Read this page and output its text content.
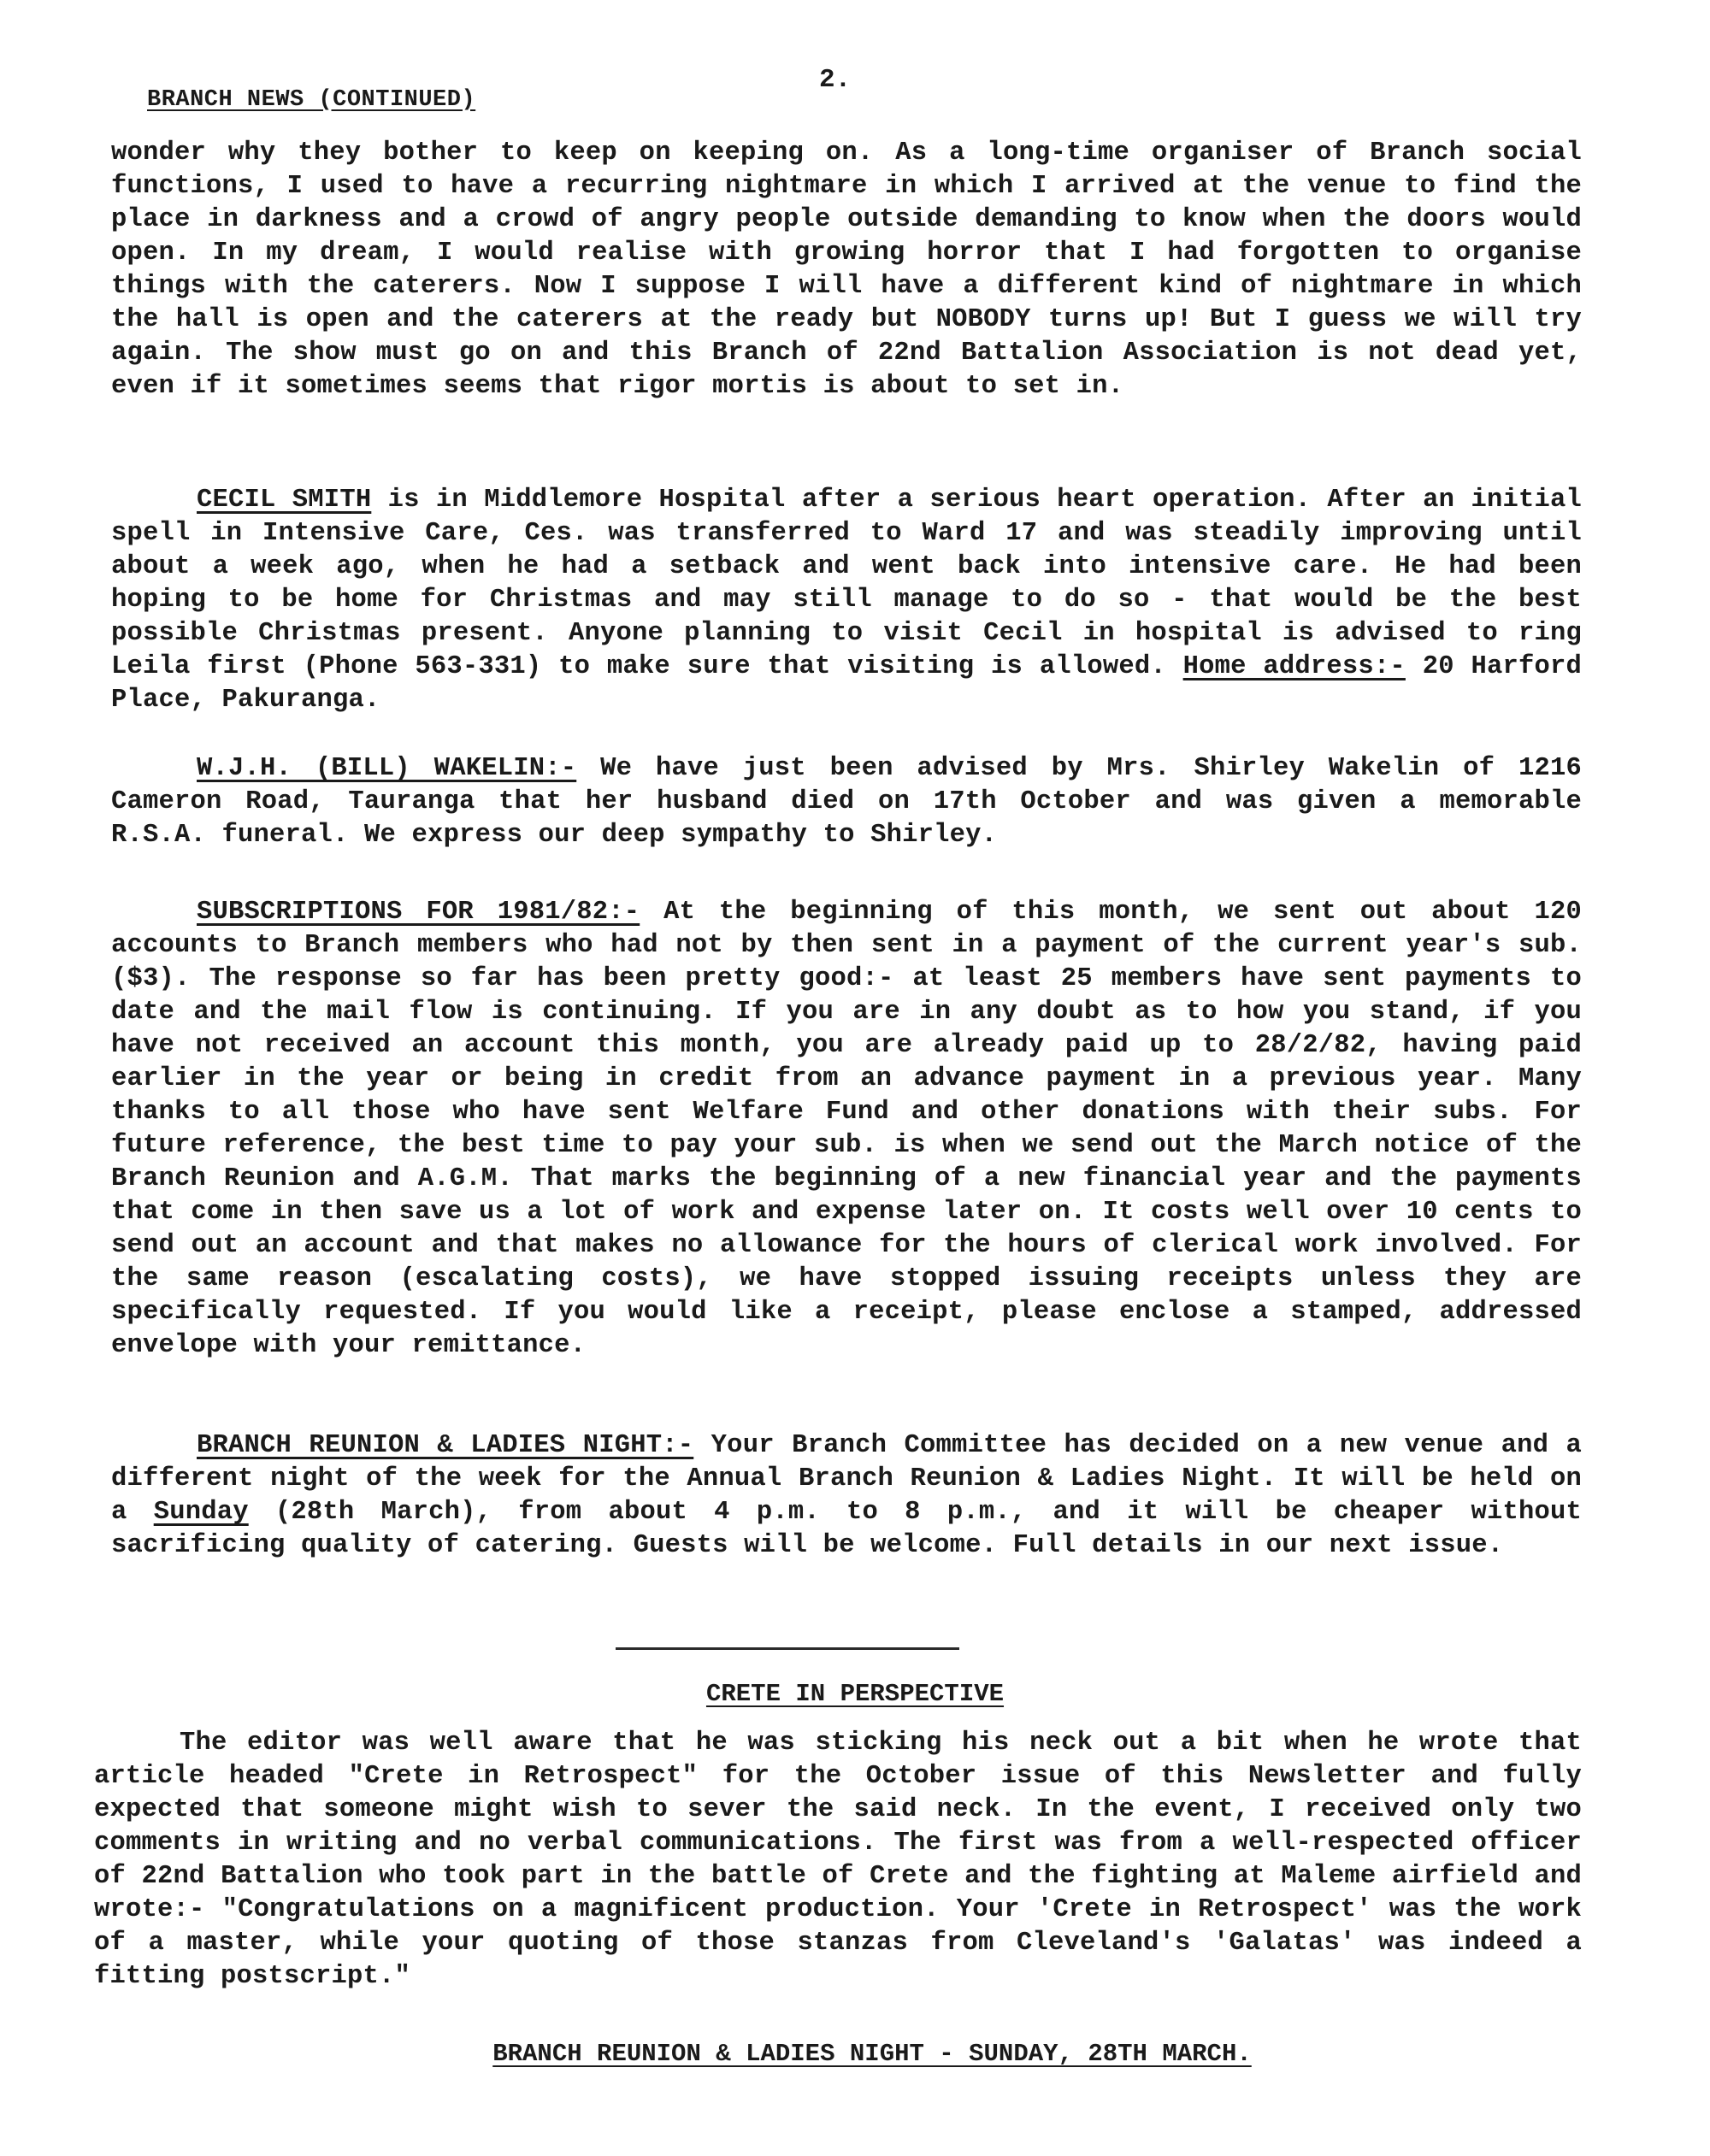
2.
BRANCH NEWS (CONTINUED)

wonder why they bother to keep on keeping on. As a long-time organiser of Branch social functions, I used to have a recurring nightmare in which I arrived at the venue to find the place in darkness and a crowd of angry people outside demanding to know when the doors would open. In my dream, I would realise with growing horror that I had forgotten to organise things with the caterers. Now I suppose I will have a different kind of nightmare in which the hall is open and the caterers at the ready but NOBODY turns up! But I guess we will try again. The show must go on and this Branch of 22nd Battalion Association is not dead yet, even if it sometimes seems that rigor mortis is about to set in.

CECIL SMITH is in Middlemore Hospital after a serious heart operation. After an initial spell in Intensive Care, Ces. was transferred to Ward 17 and was steadily improving until about a week ago, when he had a setback and went back into intensive care. He had been hoping to be home for Christmas and may still manage to do so - that would be the best possible Christmas present. Anyone planning to visit Cecil in hospital is advised to ring Leila first (Phone 563-331) to make sure that visiting is allowed. Home address:- 20 Harford Place, Pakuranga.

W.J.H. (BILL) WAKELIN:- We have just been advised by Mrs. Shirley Wakelin of 1216 Cameron Road, Tauranga that her husband died on 17th October and was given a memorable R.S.A. funeral. We express our deep sympathy to Shirley.

SUBSCRIPTIONS FOR 1981/82:- At the beginning of this month, we sent out about 120 accounts to Branch members who had not by then sent in a payment of the current year's sub. ($3). The response so far has been pretty good:- at least 25 members have sent payments to date and the mail flow is continuing. If you are in any doubt as to how you stand, if you have not received an account this month, you are already paid up to 28/2/82, having paid earlier in the year or being in credit from an advance payment in a previous year. Many thanks to all those who have sent Welfare Fund and other donations with their subs. For future reference, the best time to pay your sub. is when we send out the March notice of the Branch Reunion and A.G.M. That marks the beginning of a new financial year and the payments that come in then save us a lot of work and expense later on. It costs well over 10 cents to send out an account and that makes no allowance for the hours of clerical work involved. For the same reason (escalating costs), we have stopped issuing receipts unless they are specifically requested. If you would like a receipt, please enclose a stamped, addressed envelope with your remittance.

BRANCH REUNION & LADIES NIGHT:- Your Branch Committee has decided on a new venue and a different night of the week for the Annual Branch Reunion & Ladies Night. It will be held on a Sunday (28th March), from about 4 p.m. to 8 p.m., and it will be cheaper without sacrificing quality of catering. Guests will be welcome. Full details in our next issue.

CRETE IN PERSPECTIVE

The editor was well aware that he was sticking his neck out a bit when he wrote that article headed "Crete in Retrospect" for the October issue of this Newsletter and fully expected that someone might wish to sever the said neck. In the event, I received only two comments in writing and no verbal communications. The first was from a well-respected officer of 22nd Battalion who took part in the battle of Crete and the fighting at Maleme airfield and wrote:- "Congratulations on a magnificent production. Your 'Crete in Retrospect' was the work of a master, while your quoting of those stanzas from Cleveland's 'Galatas' was indeed a fitting postscript."

BRANCH REUNION & LADIES NIGHT - SUNDAY, 28TH MARCH.
